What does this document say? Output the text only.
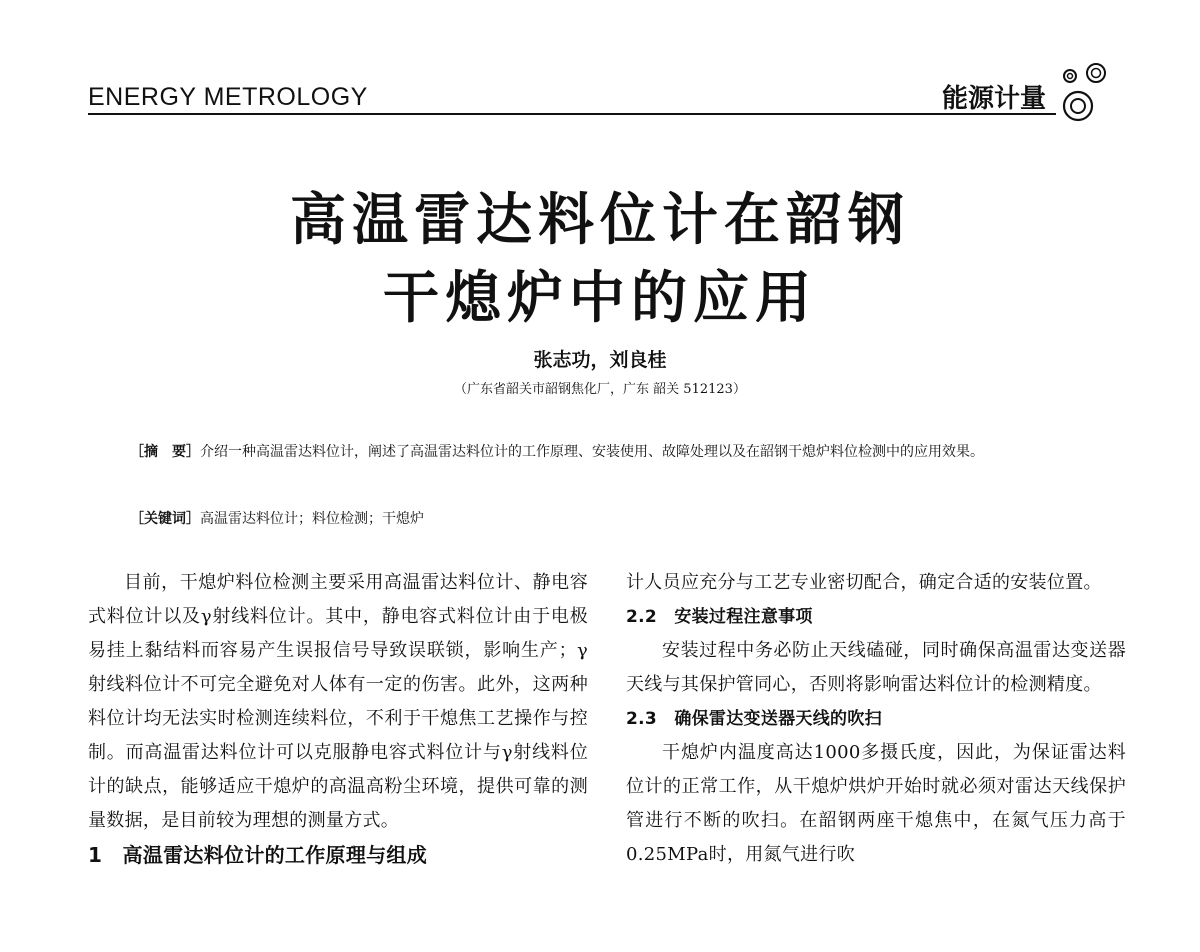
ENERGY METROLOGY	能源计量
高温雷达料位计在韶钢
干熄炉中的应用
张志功，刘良桂
（广东省韶关市韶钢焦化厂，广东 韶关 512123）
［摘　要］介绍一种高温雷达料位计，阐述了高温雷达料位计的工作原理、安装使用、故障处理以及在韶钢干熄炉料位检测中的应用效果。
［关键词］高温雷达料位计；料位检测；干熄炉

目前，干熄炉料位检测主要采用高温雷达料位计、静电容式料位计以及γ射线料位计。其中，静电容式料位计由于电极易挂上黏结料而容易产生误报信号导致误联锁，影响生产；γ射线料位计不可完全避免对人体有一定的伤害。此外，这两种料位计均无法实时检测连续料位，不利于干熄焦工艺操作与控制。而高温雷达料位计可以克服静电容式料位计与γ射线料位计的缺点，能够适应干熄炉的高温高粉尘环境，提供可靠的测量数据，是目前较为理想的测量方式。

1　高温雷达料位计的工作原理与组成

计人员应充分与工艺专业密切配合，确定合适的安装位置。

2.2　安装过程注意事项

安装过程中务必防止天线磕碰，同时确保高温雷达变送器天线与其保护管同心，否则将影响雷达料位计的检测精度。

2.3　确保雷达变送器天线的吹扫

干熄炉内温度高达1000多摄氏度，因此，为保证雷达料位计的正常工作，从干熄炉烘炉开始时就必须对雷达天线保护管进行不断的吹扫。在韶钢两座干熄焦中，在氮气压力高于0.25MPa时，用氮气进行吹
